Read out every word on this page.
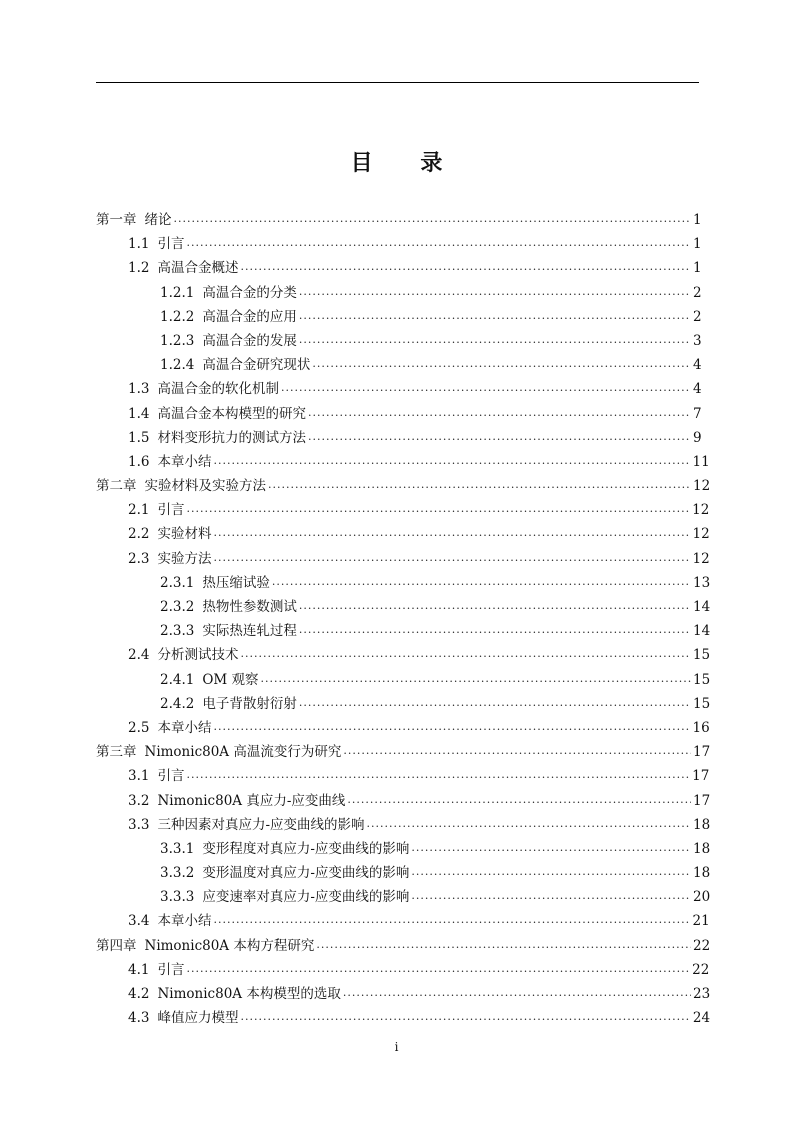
目 录
第一章 绪论 .....	1
1.1 引言 .....	1
1.2 高温合金概述 .....	1
1.2.1 高温合金的分类 .....	2
1.2.2 高温合金的应用 .....	2
1.2.3 高温合金的发展 .....	3
1.2.4 高温合金研究现状 .....	4
1.3 高温合金的软化机制 .....	4
1.4 高温合金本构模型的研究 .....	7
1.5 材料变形抗力的测试方法 .....	9
1.6 本章小结 .....	11
第二章 实验材料及实验方法 .....	12
2.1 引言 .....	12
2.2 实验材料 .....	12
2.3 实验方法 .....	12
2.3.1 热压缩试验 .....	13
2.3.2 热物性参数测试 .....	14
2.3.3 实际热连轧过程 .....	14
2.4 分析测试技术 .....	15
2.4.1 OM 观察 .....	15
2.4.2 电子背散射衍射 .....	15
2.5 本章小结 .....	16
第三章 Nimonic80A 高温流变行为研究 .....	17
3.1 引言 .....	17
3.2 Nimonic80A 真应力-应变曲线 .....	17
3.3 三种因素对真应力-应变曲线的影响 .....	18
3.3.1 变形程度对真应力-应变曲线的影响 .....	18
3.3.2 变形温度对真应力-应变曲线的影响 .....	18
3.3.3 应变速率对真应力-应变曲线的影响 .....	20
3.4 本章小结 .....	21
第四章 Nimonic80A 本构方程研究 .....	22
4.1 引言 .....	22
4.2 Nimonic80A 本构模型的选取 .....	23
4.3 峰值应力模型 .....	24
i
